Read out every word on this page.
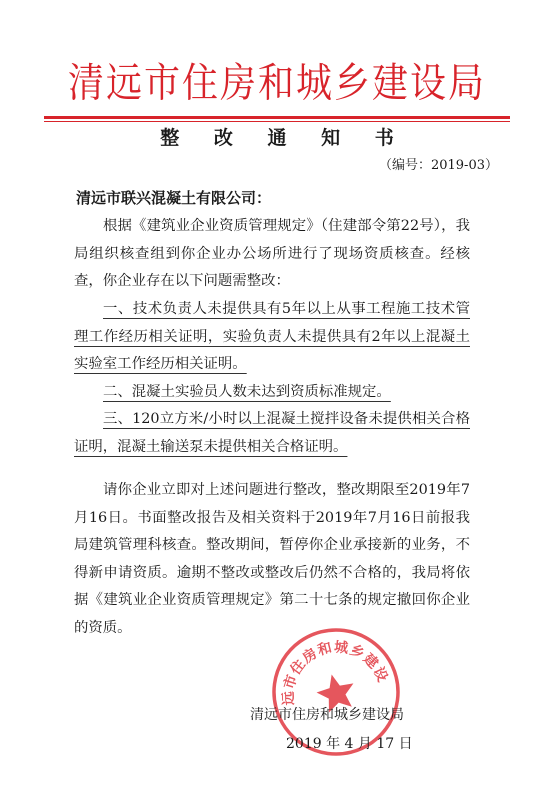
清远市住房和城乡建设局
整 改 通 知 书
（编号：2019-03）
清远市联兴混凝土有限公司：
根据《建筑业企业资质管理规定》（住建部令第22号），我局组织核查组到你企业办公场所进行了现场资质核查。经核查，你企业存在以下问题需整改：
一、技术负责人未提供具有5年以上从事工程施工技术管理工作经历相关证明，实验负责人未提供具有2年以上混凝土实验室工作经历相关证明。
二、混凝土实验员人数未达到资质标准规定。
三、120立方米/小时以上混凝土搅拌设备未提供相关合格证明，混凝土输送泵未提供相关合格证明。
请你企业立即对上述问题进行整改，整改期限至2019年7月16日。书面整改报告及相关资料于2019年7月16日前报我局建筑管理科核查。整改期间，暂停你企业承接新的业务，不得新申请资质。逾期不整改或整改后仍然不合格的，我局将依据《建筑业企业资质管理规定》第二十七条的规定撤回你企业的资质。
清远市住房和城乡建设局
清远市住房和城乡建设局
2019 年 4 月 17 日
